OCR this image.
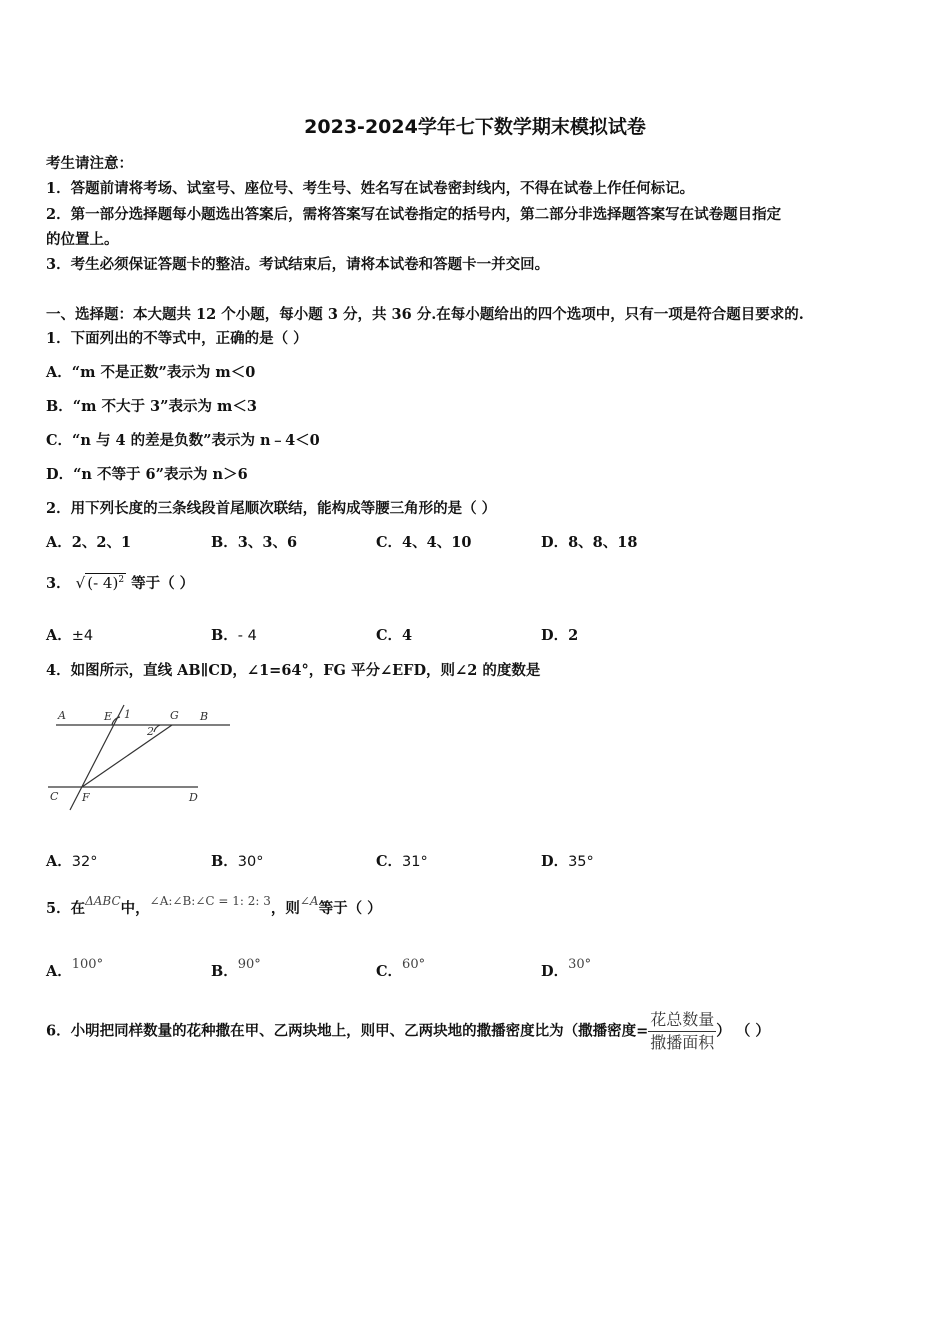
2023-2024学年七下数学期末模拟试卷
考生请注意：
1．答题前请将考场、试室号、座位号、考生号、姓名写在试卷密封线内，不得在试卷上作任何标记。
2．第一部分选择题每小题选出答案后，需将答案写在试卷指定的括号内，第二部分非选择题答案写在试卷题目指定
的位置上。
3．考生必须保证答题卡的整洁。考试结束后，请将本试卷和答题卡一并交回。
一、选择题：本大题共 12 个小题，每小题 3 分，共 36 分.在每小题给出的四个选项中，只有一项是符合题目要求的.
1．下面列出的不等式中，正确的是（ ）
A．“m 不是正数”表示为 m＜0
B．“m 不大于 3”表示为 m＜3
C．“n 与 4 的差是负数”表示为 n﹣4＜0
D．“n 不等于 6”表示为 n＞6
2．用下列长度的三条线段首尾顺次联结，能构成等腰三角形的是（ ）
A．2、2、1	B．3、3、6	C．4、4、10	D．8、8、18
3． √ (- 4)$^2$ 等于（ ）
A．±4	B．- 4	C．4	D．2
4．如图所示，直线 AB∥CD，∠1=64°，FG 平分∠EFD，则∠2 的度数是
A	E 1	G B
2
C F	D
A．32°	B．30°	C．31°	D．35°
5．在$^{\Delta ABC}$中，$^{\angle A:\angle B:\angle C = 1: 2: 3}$，则$^{\angle A}$等于（ ）
A．100°	B．90°	C．60°	D．30°
6．小明把同样数量的花种撒在甲、乙两块地上，则甲、乙两块地的撒播密度比为（撒播密度= $\frac{\text{花总数量}}{\text{撒播面积}}$ ） （ ）
